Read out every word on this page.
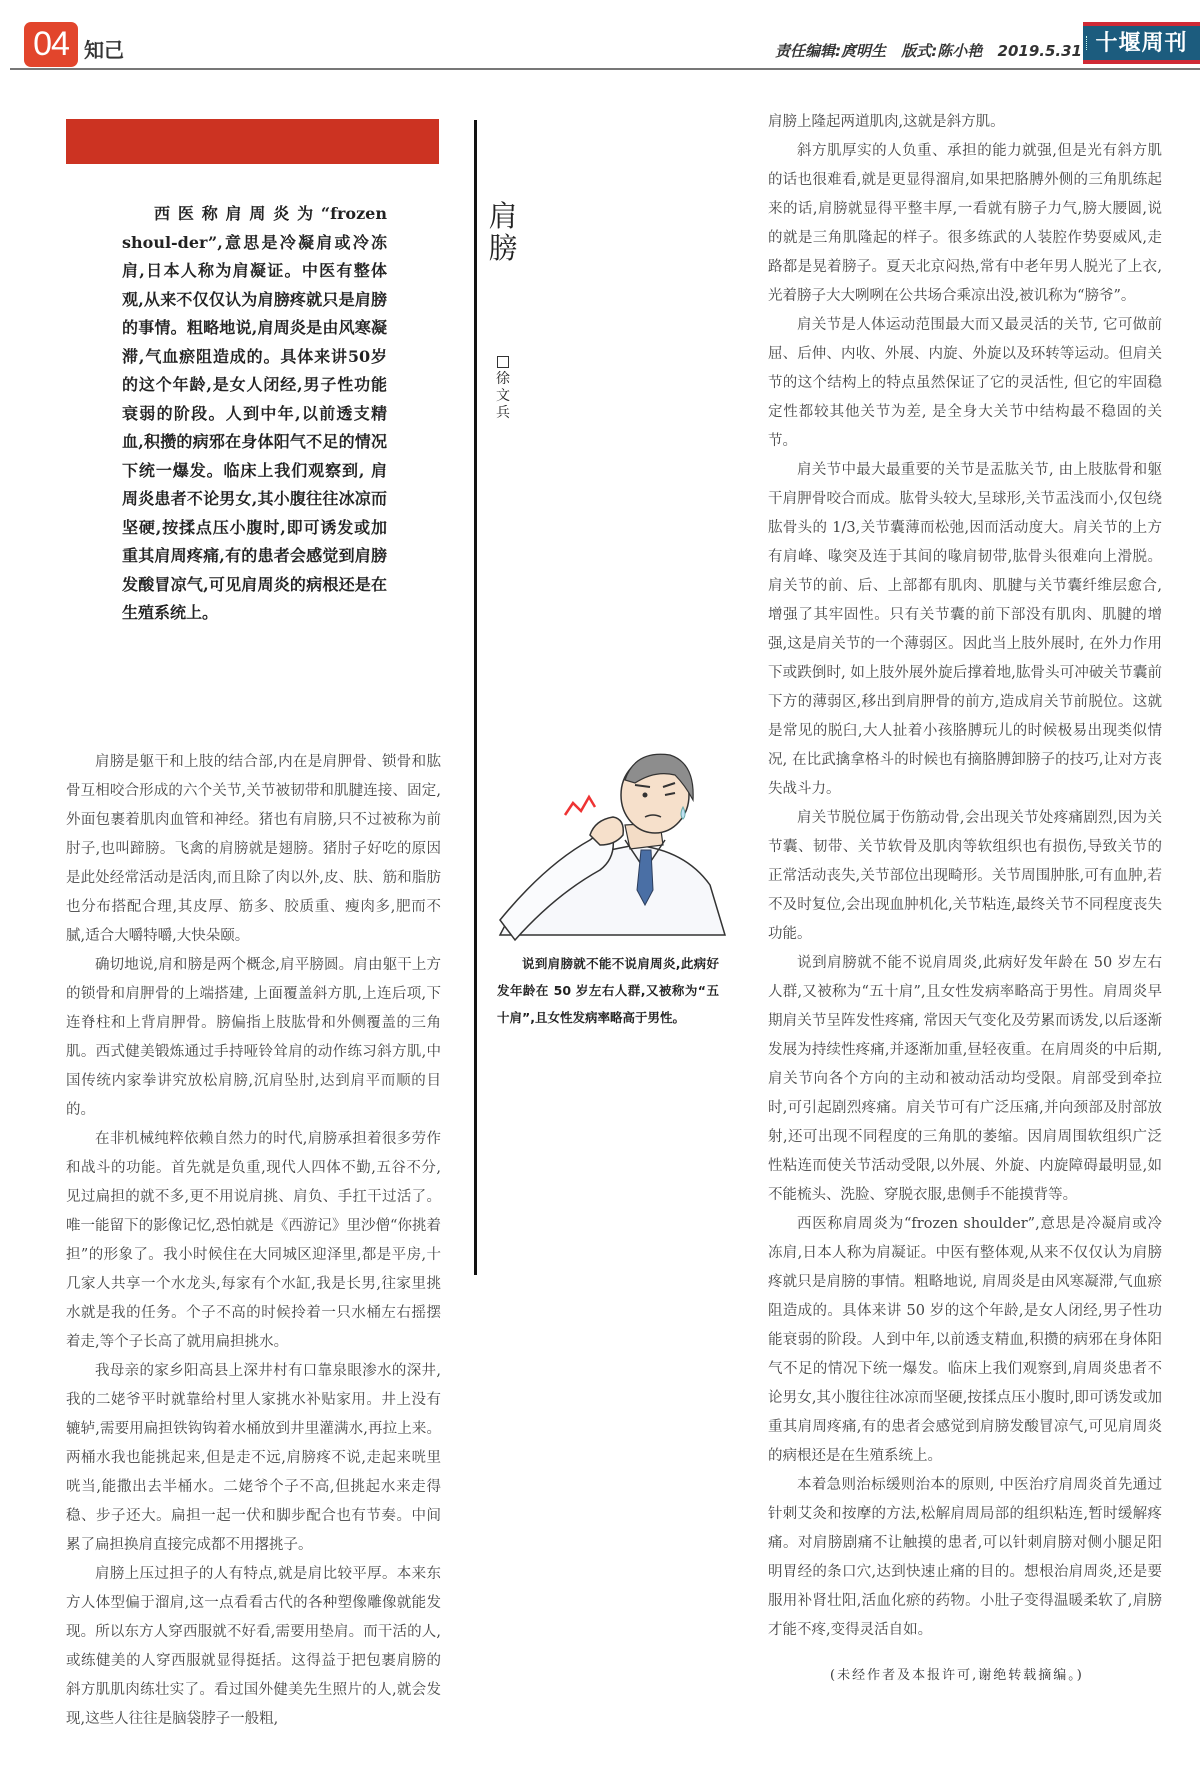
04 知己	责任编辑:庹明生 版式:陈小艳 2019.5.31 十堰周刊
西医称肩周炎为“frozen shoul-der”,意思是冷凝肩或冷冻肩,日本人称为肩凝证。中医有整体观,从来不仅仅认为肩膀疼就只是肩膀的事情。粗略地说,肩周炎是由风寒凝滞,气血瘀阻造成的。具体来讲50岁的这个年龄,是女人闭经,男子性功能衰弱的阶段。人到中年,以前透支精血,积攒的病邪在身体阳气不足的情况下统一爆发。临床上我们观察到, 肩周炎患者不论男女,其小腹往往冰凉而坚硬,按揉点压小腹时,即可诱发或加重其肩周疼痛,有的患者会感觉到肩膀发酸冒凉气,可见肩周炎的病根还是在生殖系统上。
肩
膀
徐
文
兵

肩膀是躯干和上肢的结合部,内在是肩胛骨、锁骨和肱骨互相咬合形成的六个关节,关节被韧带和肌腱连接、固定,外面包裹着肌肉血管和神经。猪也有肩膀,只不过被称为前肘子,也叫蹄膀。飞禽的肩膀就是翅膀。猪肘子好吃的原因是此处经常活动是活肉,而且除了肉以外,皮、肤、筋和脂肪也分布搭配合理,其皮厚、筋多、胶质重、瘦肉多,肥而不腻,适合大嚼特嚼,大快朵颐。

确切地说,肩和膀是两个概念,肩平膀圆。肩由躯干上方的锁骨和肩胛骨的上端搭建, 上面覆盖斜方肌,上连后项,下连脊柱和上背肩胛骨。膀偏指上肢肱骨和外侧覆盖的三角肌。西式健美锻炼通过手持哑铃耸肩的动作练习斜方肌,中国传统内家拳讲究放松肩膀,沉肩坠肘,达到肩平而顺的目的。

在非机械纯粹依赖自然力的时代,肩膀承担着很多劳作和战斗的功能。首先就是负重,现代人四体不勤,五谷不分,见过扁担的就不多,更不用说肩挑、肩负、手扛干过活了。唯一能留下的影像记忆,恐怕就是《西游记》里沙僧“你挑着担”的形象了。我小时候住在大同城区迎泽里,都是平房,十几家人共享一个水龙头,每家有个水缸,我是长男,往家里挑水就是我的任务。个子不高的时候拎着一只水桶左右摇摆着走,等个子长高了就用扁担挑水。

我母亲的家乡阳高县上深井村有口靠泉眼渗水的深井, 我的二姥爷平时就靠给村里人家挑水补贴家用。井上没有辘轳,需要用扁担铁钩钩着水桶放到井里灌满水,再拉上来。两桶水我也能挑起来,但是走不远,肩膀疼不说,走起来咣里咣当,能撒出去半桶水。二姥爷个子不高,但挑起水来走得稳、步子还大。扁担一起一伏和脚步配合也有节奏。中间累了扁担换肩直接完成都不用撂挑子。

肩膀上压过担子的人有特点,就是肩比较平厚。本来东方人体型偏于溜肩,这一点看看古代的各种塑像雕像就能发现。所以东方人穿西服就不好看,需要用垫肩。而干活的人,或练健美的人穿西服就显得挺括。这得益于把包裹肩膀的斜方肌肌肉练壮实了。看过国外健美先生照片的人,就会发现,这些人往往是脑袋脖子一般粗,

说到肩膀就不能不说肩周炎,此病好发年龄在 50 岁左右人群,又被称为“五十肩”,且女性发病率略高于男性。

肩膀上隆起两道肌肉,这就是斜方肌。

斜方肌厚实的人负重、承担的能力就强,但是光有斜方肌的话也很难看,就是更显得溜肩,如果把胳膊外侧的三角肌练起来的话,肩膀就显得平整丰厚,一看就有膀子力气,膀大腰圆,说的就是三角肌隆起的样子。很多练武的人装腔作势耍威风,走路都是晃着膀子。夏天北京闷热,常有中老年男人脱光了上衣, 光着膀子大大咧咧在公共场合乘凉出没,被讥称为“膀爷”。

肩关节是人体运动范围最大而又最灵活的关节, 它可做前屈、后伸、内收、外展、内旋、外旋以及环转等运动。但肩关节的这个结构上的特点虽然保证了它的灵活性, 但它的牢固稳定性都较其他关节为差, 是全身大关节中结构最不稳固的关节。

肩关节中最大最重要的关节是盂肱关节, 由上肢肱骨和躯干肩胛骨咬合而成。肱骨头较大,呈球形,关节盂浅而小,仅包绕肱骨头的 1/3,关节囊薄而松弛,因而活动度大。肩关节的上方有肩峰、喙突及连于其间的喙肩韧带,肱骨头很难向上滑脱。肩关节的前、后、上部都有肌肉、肌腱与关节囊纤维层愈合,增强了其牢固性。只有关节囊的前下部没有肌肉、肌腱的增强,这是肩关节的一个薄弱区。因此当上肢外展时, 在外力作用下或跌倒时, 如上肢外展外旋后撑着地,肱骨头可冲破关节囊前下方的薄弱区,移出到肩胛骨的前方,造成肩关节前脱位。这就是常见的脱臼,大人扯着小孩胳膊玩儿的时候极易出现类似情况, 在比武擒拿格斗的时候也有摘胳膊卸膀子的技巧,让对方丧失战斗力。

肩关节脱位属于伤筋动骨,会出现关节处疼痛剧烈,因为关节囊、韧带、关节软骨及肌肉等软组织也有损伤,导致关节的正常活动丧失,关节部位出现畸形。关节周围肿胀,可有血肿,若不及时复位,会出现血肿机化,关节粘连,最终关节不同程度丧失功能。

说到肩膀就不能不说肩周炎,此病好发年龄在 50 岁左右人群,又被称为“五十肩”,且女性发病率略高于男性。肩周炎早期肩关节呈阵发性疼痛, 常因天气变化及劳累而诱发,以后逐渐发展为持续性疼痛,并逐渐加重,昼轻夜重。在肩周炎的中后期, 肩关节向各个方向的主动和被动活动均受限。肩部受到牵拉时,可引起剧烈疼痛。肩关节可有广泛压痛,并向颈部及肘部放射,还可出现不同程度的三角肌的萎缩。因肩周围软组织广泛性粘连而使关节活动受限,以外展、外旋、内旋障碍最明显,如不能梳头、洗脸、穿脱衣服,患侧手不能摸背等。

西医称肩周炎为“frozen shoulder”,意思是冷凝肩或冷冻肩,日本人称为肩凝证。中医有整体观,从来不仅仅认为肩膀疼就只是肩膀的事情。粗略地说, 肩周炎是由风寒凝滞,气血瘀阻造成的。具体来讲 50 岁的这个年龄,是女人闭经,男子性功能衰弱的阶段。人到中年,以前透支精血,积攒的病邪在身体阳气不足的情况下统一爆发。临床上我们观察到,肩周炎患者不论男女,其小腹往往冰凉而坚硬,按揉点压小腹时,即可诱发或加重其肩周疼痛,有的患者会感觉到肩膀发酸冒凉气,可见肩周炎的病根还是在生殖系统上。

本着急则治标缓则治本的原则, 中医治疗肩周炎首先通过针刺艾灸和按摩的方法,松解肩周局部的组织粘连,暂时缓解疼痛。对肩膀剧痛不让触摸的患者,可以针刺肩膀对侧小腿足阳明胃经的条口穴,达到快速止痛的目的。想根治肩周炎,还是要服用补肾壮阳,活血化瘀的药物。小肚子变得温暖柔软了,肩膀才能不疼,变得灵活自如。

(未经作者及本报许可,谢绝转载摘编。)
